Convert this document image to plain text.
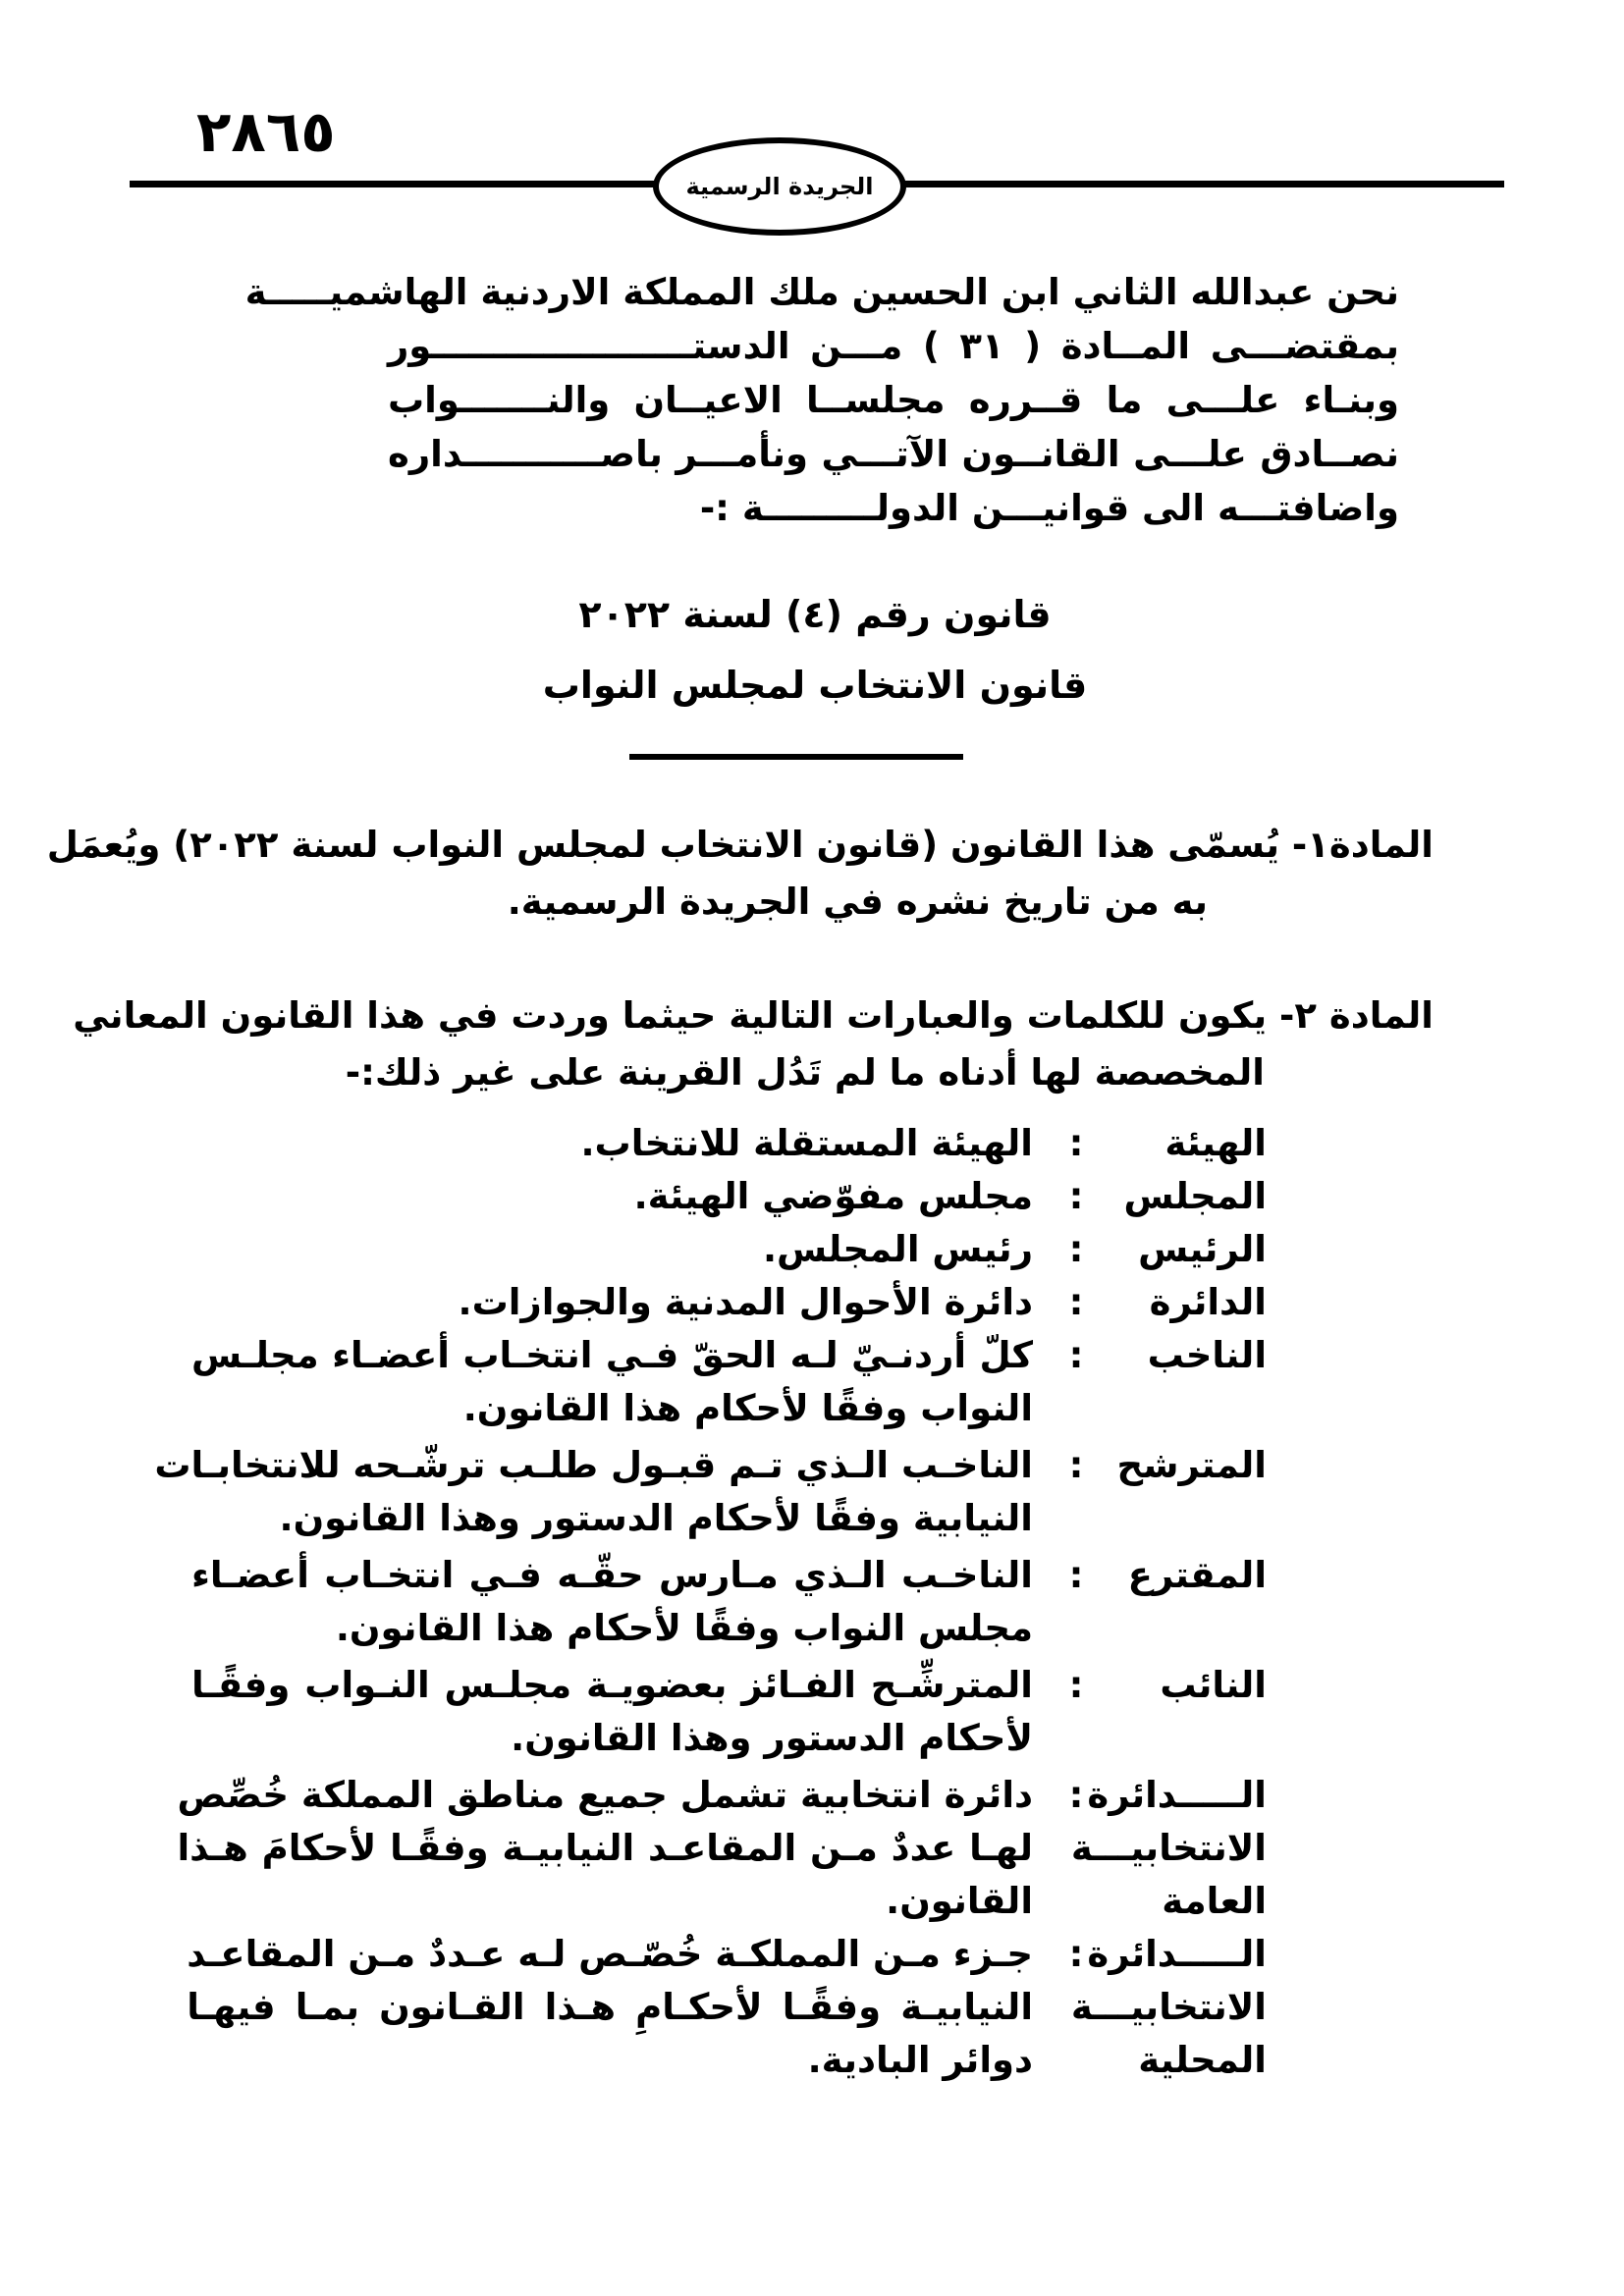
٢٨٦٥
الجريدة الرسمية
نحن عبدالله الثاني ابن الحسين ملك المملكة الاردنية الهاشميـــــة
بمقتضـــى المــادة ( ٣١ ) مـــن الدستـــــــــــــــــــــور
وبنـاء علـــى ما قــرره مجلســا الاعيــان والنـــــــواب
نصــادق علـــى القانــون الآتـــي ونأمـــر باصـــــــــــداره
واضافتـــه الى قوانيـــن الدولـــــــــة :-
قانون رقم (٤) لسنة ٢٠٢٢
قانون الانتخاب لمجلس النواب
المادة١- يُسمّى هذا القانون (قانون الانتخاب لمجلس النواب لسنة ٢٠٢٢) ويُعمَل
به من تاريخ نشره في الجريدة الرسمية.
المادة ٢- يكون للكلمات والعبارات التالية حيثما وردت في هذا القانون المعاني
المخصصة لها أدناه ما لم تَدُل القرينة على غير ذلك:-
الهيئة
:
الهيئة المستقلة للانتخاب.
المجلس
:
مجلس مفوّضي الهيئة.
الرئيس
:
رئيس المجلس.
الدائرة
:
دائرة الأحوال المدنية والجوازات.
الناخب
:
كلّ أردنـيّ لـه الحقّ فـي انتخـاب أعضـاء مجلـس
النواب وفقًا لأحكام هذا القانون.
المترشح
:
الناخـب الـذي تـم قبـول طلـب ترشّـحه للانتخابـات
النيابية وفقًا لأحكام الدستور وهذا القانون.
المقترع
:
الناخـب الـذي مـارس حقّـه فـي انتخـاب أعضـاء
مجلس النواب وفقًا لأحكام هذا القانون.
النائب
:
المترشِّـح الفـائز بعضويـة مجلـس النـواب وفقًـا
لأحكام الدستور وهذا القانون.
الـــــدائرة
الانتخابيـــة
العامة
:
دائرة انتخابية تشمل جميع مناطق المملكة خُصِّص
لهـا عددٌ مـن المقاعـد النيابيـة وفقًـا لأحكامَ هـذا
القانون.
الـــــدائرة
الانتخابيـــة
المحلية
:
جـزء مـن المملكـة خُصّـص لـه عـددٌ مـن المقاعـد
النيابيـة وفقًـا لأحكـامِ هـذا القـانون بمـا فيهـا
دوائر البادية.
